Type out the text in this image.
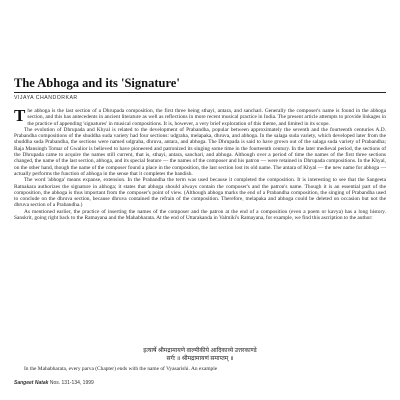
The Abhoga and its 'Signature'
VIJAYA CHANDORKAR

T he abhoga is the last section of a Dhrupada composition, the first three being sthayi, antara, and sanchari. Generally the composer's name is found in the abhoga section, and this has antecedents in ancient literature as well as reflections in more recent musical practice in India. The present article attempts to provide linkages in the practice of appending 'signatures' in musical compositions. It is, however, a very brief exploration of this theme, and limited in its scope.

The evolution of Dhrupada and Khyal is related to the development of Prabandha, popular between approximately the seventh and the fourteenth centuries A.D. Prabandha compositions of the shuddha suda variety had four sections: udgraha, melapaka, dhruva, and abhoga. In the salaga suda variety, which developed later from the shuddha suda Prabandha, the sections were named udgraha, dhruva, antara, and abhoga. The Dhrupada is said to have grown out of the salaga suda variety of Prabandha; Raja Mansingh Tomar of Gwalior is believed to have pioneered and patronized its singing some time in the fourteenth century. In the later medieval period, the sections of the Dhrupada came to acquire the names still current, that is, sthayi, antara, sanchari, and abhoga. Although over a period of time the names of the first three sections changed, the name of the last section, abhoga, and its special feature — the names of the composer and his patron — were retained in Dhrupada compositions. In the Khyal, on the other hand, though the name of the composer found a place in the composition, the last section lost its old name. The antara of Khyal — the new name for abhoga — actually performs the function of abhoga in the sense that it completes the bandish.

The word 'abhoga' means expanse, extension. In the Prabandha the term was used because it completed the composition. It is interesting to see that the Sangeeta Ratnakara authorizes the signature in abhoga; it states that abhoga should always contain the composer's and the patron's name. Though it is an essential part of the composition, the abhoga is thus important from the composer's point of view. (Although abhoga marks the end of a Prabandha composition, the singing of Prabandha used to conclude on the dhruva section, because dhruva contained the refrain of the composition. Therefore, melapaka and abhoga could be deleted on occasion but not the dhruva section of a Prabandha.)

As mentioned earlier, the practice of inserting the names of the composer and the patron at the end of a composition (even a poem or kavya) has a long history. Sanskrit, going right back to the Ramayana and the Mahabharata. At the end of Uttarakanda in Valmiki's Ramayana, for example, we find this ascription to the author:

इत्यार्षे श्रीमद्रामायणे वाल्मीकीये आदिकाव्ये उत्तरकाण्डे
सर्गः ॥ श्रीमद्रामायणं समाप्तम् ॥
In the Mahabharata, every parva (Chapter) ends with the name of Vyasarishi. An example
Sangeet Natak Nos. 131-134, 1999
